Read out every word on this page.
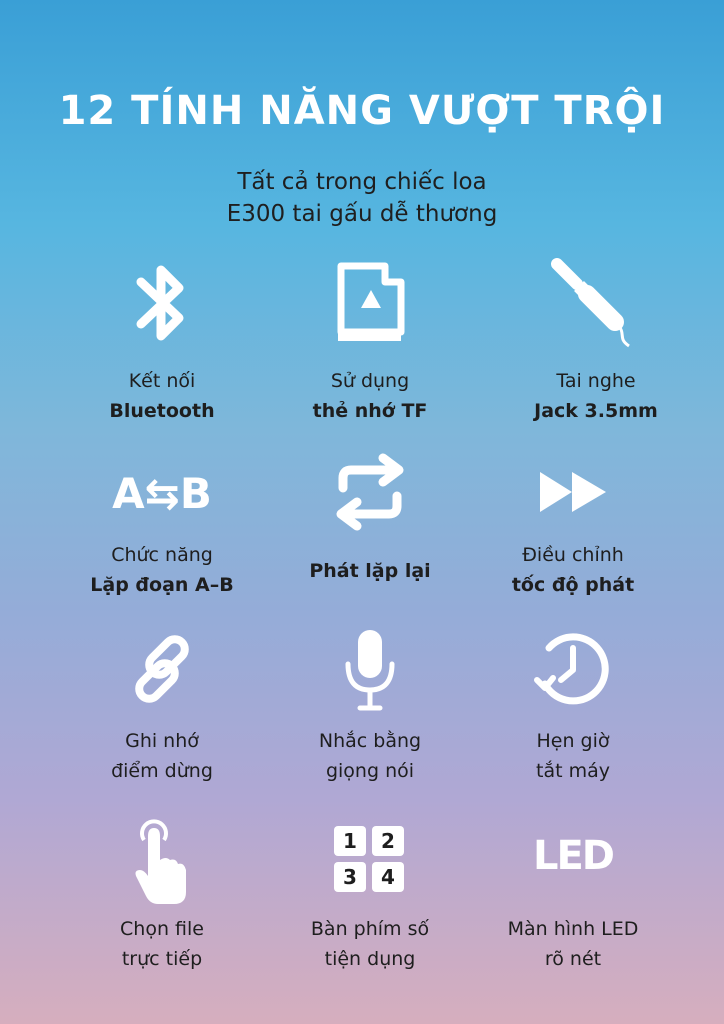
12 TÍNH NĂNG VƯỢT TRỘI
Tất cả trong chiếc loa
E300 tai gấu dễ thương
Kết nối
Bluetooth
Sử dụng
thẻ nhớ TF
Tai nghe
Jack 3.5mm
A⇆B
Chức năng
Lặp đoạn A–B
Phát lặp lại
Điều chỉnh
tốc độ phát
Ghi nhớ
điểm dừng
Nhắc bằng
giọng nói
Hẹn giờ
tắt máy
Chọn file
trực tiếp
1	2
3	4
Bàn phím số
tiện dụng
LED
Màn hình LED
rõ nét
